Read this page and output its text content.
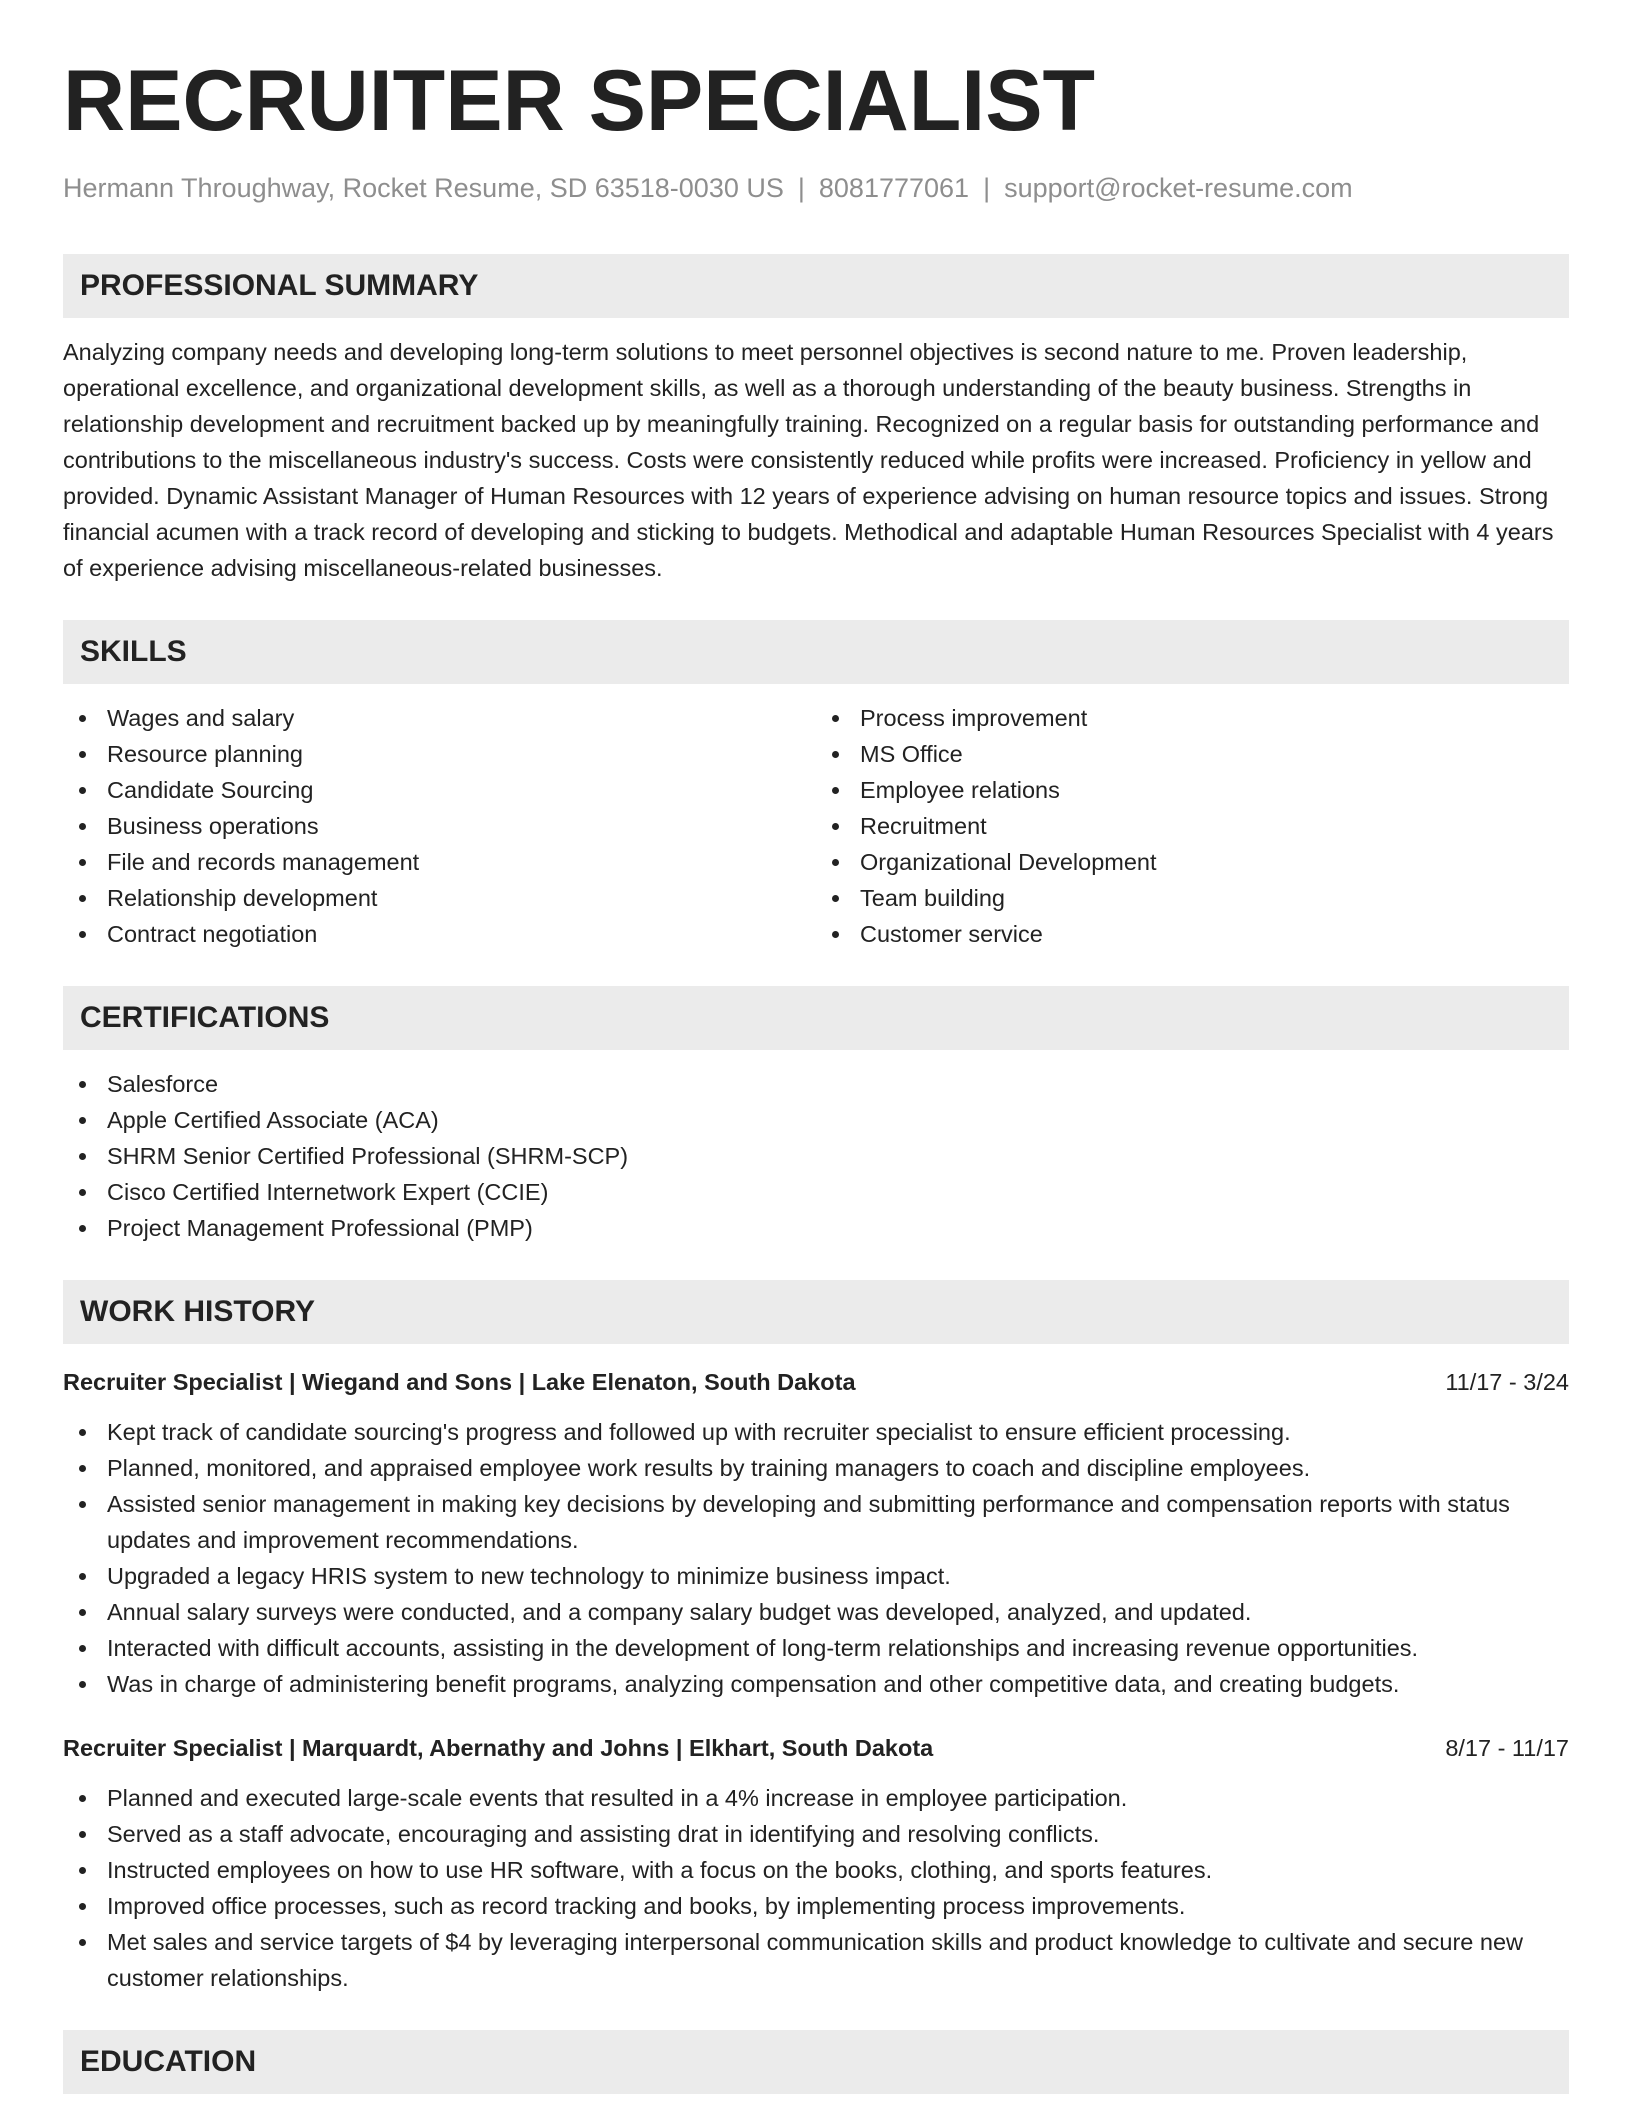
RECRUITER SPECIALIST
Hermann Throughway, Rocket Resume, SD 63518-0030 US | 8081777061 | support@rocket-resume.com
PROFESSIONAL SUMMARY

Analyzing company needs and developing long-term solutions to meet personnel objectives is second nature to me. Proven leadership, operational excellence, and organizational development skills, as well as a thorough understanding of the beauty business. Strengths in relationship development and recruitment backed up by meaningfully training. Recognized on a regular basis for outstanding performance and contributions to the miscellaneous industry's success. Costs were consistently reduced while profits were increased. Proficiency in yellow and provided. Dynamic Assistant Manager of Human Resources with 12 years of experience advising on human resource topics and issues. Strong financial acumen with a track record of developing and sticking to budgets. Methodical and adaptable Human Resources Specialist with 4 years of experience advising miscellaneous-related businesses.

SKILLS
Wages and salary
Resource planning
Candidate Sourcing
Business operations
File and records management
Relationship development
Contract negotiation
Process improvement
MS Office
Employee relations
Recruitment
Organizational Development
Team building
Customer service
CERTIFICATIONS
Salesforce
Apple Certified Associate (ACA)
SHRM Senior Certified Professional (SHRM-SCP)
Cisco Certified Internetwork Expert (CCIE)
Project Management Professional (PMP)
WORK HISTORY
Recruiter Specialist | Wiegand and Sons | Lake Elenaton, South Dakota	11/17 - 3/24
Kept track of candidate sourcing's progress and followed up with recruiter specialist to ensure efficient processing.
Planned, monitored, and appraised employee work results by training managers to coach and discipline employees.
Assisted senior management in making key decisions by developing and submitting performance and compensation reports with status updates and improvement recommendations.
Upgraded a legacy HRIS system to new technology to minimize business impact.
Annual salary surveys were conducted, and a company salary budget was developed, analyzed, and updated.
Interacted with difficult accounts, assisting in the development of long-term relationships and increasing revenue opportunities.
Was in charge of administering benefit programs, analyzing compensation and other competitive data, and creating budgets.
Recruiter Specialist | Marquardt, Abernathy and Johns | Elkhart, South Dakota	8/17 - 11/17
Planned and executed large-scale events that resulted in a 4% increase in employee participation.
Served as a staff advocate, encouraging and assisting drat in identifying and resolving conflicts.
Instructed employees on how to use HR software, with a focus on the books, clothing, and sports features.
Improved office processes, such as record tracking and books, by implementing process improvements.
Met sales and service targets of $4 by leveraging interpersonal communication skills and product knowledge to cultivate and secure new customer relationships.
EDUCATION
